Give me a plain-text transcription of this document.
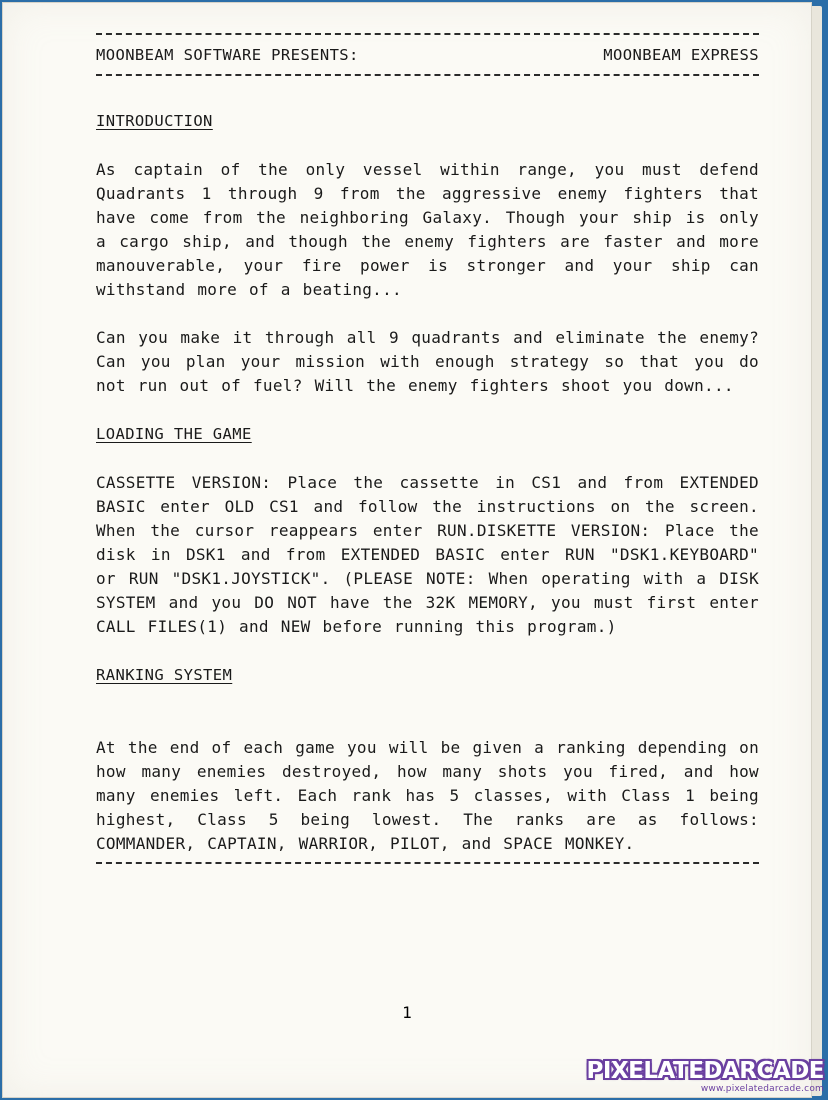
MOONBEAM SOFTWARE PRESENTS:	MOONBEAM EXPRESS
INTRODUCTION

As captain of the only vessel within range, you must defend Quadrants 1 through 9 from the aggressive enemy fighters that have come from the neighboring Galaxy. Though your ship is only a cargo ship, and though the enemy fighters are faster and more manouverable, your fire power is stronger and your ship can withstand more of a beating...

Can you make it through all 9 quadrants and eliminate the enemy? Can you plan your mission with enough strategy so that you do not run out of fuel? Will the enemy fighters shoot you down...

LOADING THE GAME

CASSETTE VERSION: Place the cassette in CS1 and from EXTENDED BASIC enter OLD CS1 and follow the instructions on the screen. When the cursor reappears enter RUN.DISKETTE VERSION: Place the disk in DSK1 and from EXTENDED BASIC enter RUN "DSK1.KEYBOARD" or RUN "DSK1.JOYSTICK". (PLEASE NOTE: When operating with a DISK SYSTEM and you DO NOT have the 32K MEMORY, you must first enter CALL FILES(1) and NEW before running this program.)

RANKING SYSTEM

At the end of each game you will be given a ranking depending on how many enemies destroyed, how many shots you fired, and how many enemies left. Each rank has 5 classes, with Class 1 being highest, Class 5 being lowest. The ranks are as follows: COMMANDER, CAPTAIN, WARRIOR, PILOT, and SPACE MONKEY.

1
PIXELATEDARCADE
www.pixelatedarcade.com
